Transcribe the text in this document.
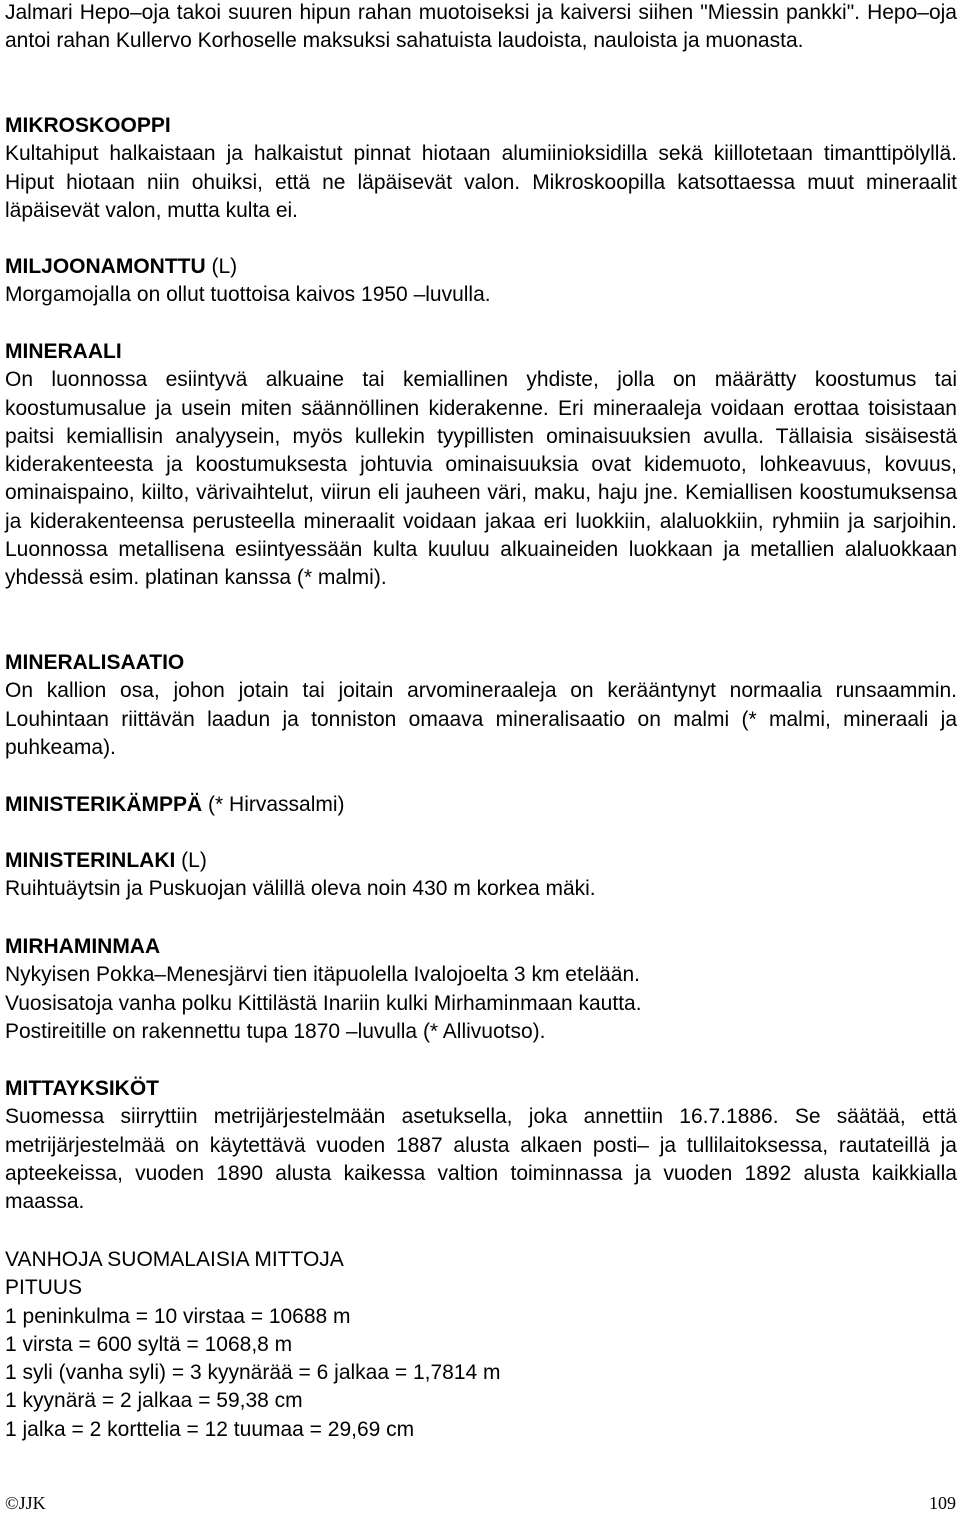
Jalmari Hepo–oja takoi suuren hipun rahan muotoiseksi ja kaiversi siihen "Miessin pankki". Hepo–oja antoi rahan Kullervo Korhoselle maksuksi sahatuista laudoista, nauloista ja muonasta.
MIKROSKOOPPI
Kultahiput halkaistaan ja halkaistut pinnat hiotaan alumiinioksidilla sekä kiillotetaan timanttipölyllä. Hiput hiotaan niin ohuiksi, että ne läpäisevät valon. Mikroskoopilla katsottaessa muut mineraalit läpäisevät valon, mutta kulta ei.
MILJOONAMONTTU (L)
Morgamojalla on ollut tuottoisa kaivos 1950 –luvulla.
MINERAALI
On luonnossa esiintyvä alkuaine tai kemiallinen yhdiste, jolla on määrätty koostumus tai koostumusalue ja usein miten säännöllinen kiderakenne. Eri mineraaleja voidaan erottaa toisistaan paitsi kemiallisin analyysein, myös kullekin tyypillisten ominaisuuksien avulla. Tällaisia sisäisestä kiderakenteesta ja koostumuksesta johtuvia ominaisuuksia ovat kidemuoto, lohkeavuus, kovuus, ominaispaino, kiilto, värivaihtelut, viirun eli jauheen väri, maku, haju jne. Kemiallisen koostumuksensa ja kiderakenteensa perusteella mineraalit voidaan jakaa eri luokkiin, alaluokkiin, ryhmiin ja sarjoihin. Luonnossa metallisena esiintyessään kulta kuuluu alkuaineiden luokkaan ja metallien alaluokkaan yhdessä esim. platinan kanssa (* malmi).
MINERALISAATIO
On kallion osa, johon jotain tai joitain arvomineraaleja on kerääntynyt normaalia runsaammin. Louhintaan riittävän laadun ja tonniston omaava mineralisaatio on malmi (* malmi, mineraali ja puhkeama).
MINISTERIKÄMPPÄ (* Hirvassalmi)
MINISTERINLAKI (L)
Ruihtuäytsin ja Puskuojan välillä oleva noin 430 m korkea mäki.
MIRHAMINMAA
Nykyisen Pokka–Menesjärvi tien itäpuolella Ivalojoelta 3 km etelään.
Vuosisatoja vanha polku Kittilästä Inariin kulki Mirhaminmaan kautta.
Postireitille on rakennettu tupa 1870 –luvulla (* Allivuotso).
MITTAYKSIKÖT
Suomessa siirryttiin metrijärjestelmään asetuksella, joka annettiin 16.7.1886. Se säätää, että metrijärjestelmää on käytettävä vuoden 1887 alusta alkaen posti– ja tullilaitoksessa, rautateillä ja apteekeissa, vuoden 1890 alusta kaikessa valtion toiminnassa ja vuoden 1892 alusta kaikkialla maassa.
VANHOJA SUOMALAISIA MITTOJA
PITUUS
1 peninkulma = 10 virstaa = 10688 m
1 virsta = 600 syltä = 1068,8 m
1 syli (vanha syli) = 3 kyynärää = 6 jalkaa = 1,7814 m
1 kyynärä = 2 jalkaa = 59,38 cm
1 jalka = 2 korttelia = 12 tuumaa = 29,69 cm
©JJK	109
